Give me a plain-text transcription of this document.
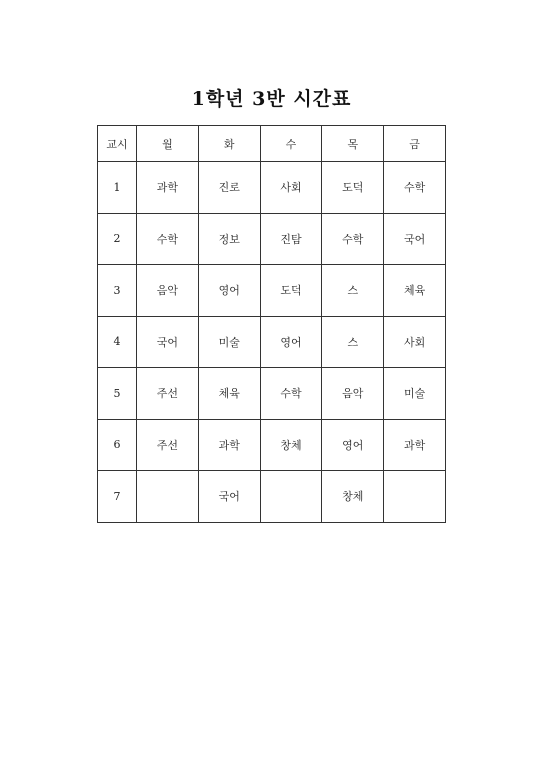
1학년 3반 시간표
교시	월	화	수	목	금
1	과학	진로	사회	도덕	수학
2	수학	정보	진탐	수학	국어
3	음악	영어	도덕	스	체육
4	국어	미술	영어	스	사회
5	주선	체육	수학	음악	미술
6	주선	과학	창체	영어	과학
7		국어		창체	
